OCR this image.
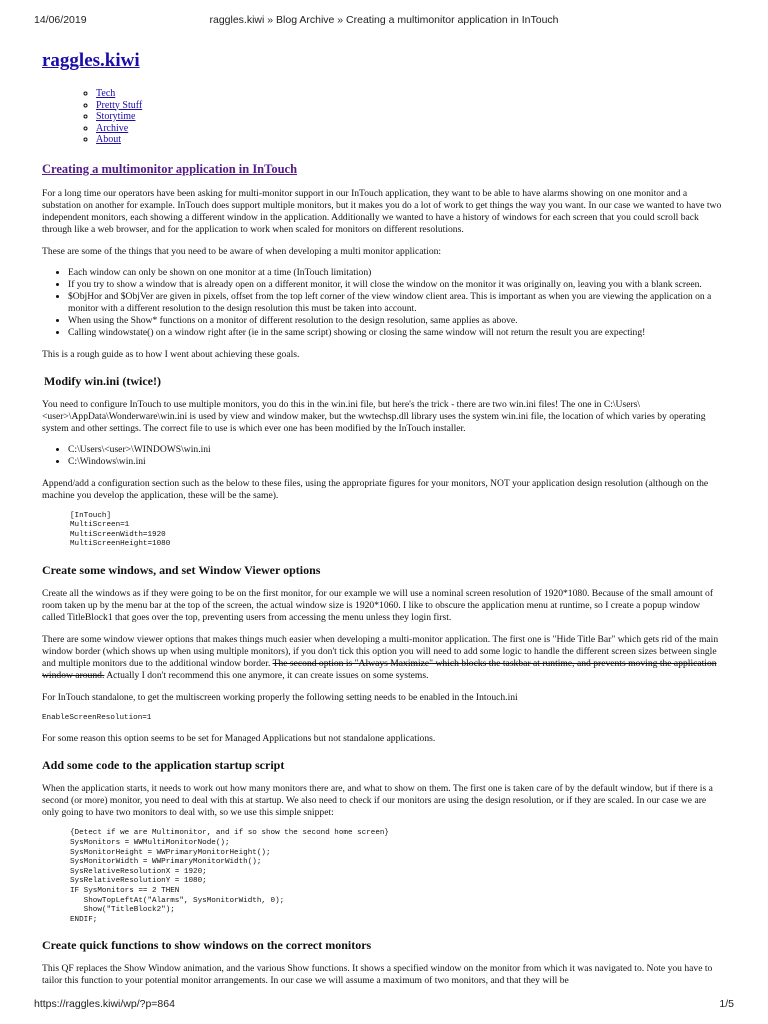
14/06/2019	raggles.kiwi » Blog Archive » Creating a multimonitor application in InTouch
raggles.kiwi
◦ Tech
◦ Pretty Stuff
◦ Storytime
◦ Archive
◦ About
Creating a multimonitor application in InTouch

For a long time our operators have been asking for multi-monitor support in our InTouch application, they want to be able to have alarms showing on one monitor and a substation on another for example. InTouch does support multiple monitors, but it makes you do a lot of work to get things the way you want. In our case we wanted to have two independent monitors, each showing a different window in the application. Additionally we wanted to have a history of windows for each screen that you could scroll back through like a web browser, and for the application to work when scaled for monitors on different resolutions.

These are some of the things that you need to be aware of when developing a multi monitor application:

• Each window can only be shown on one monitor at a time (InTouch limitation)
• If you try to show a window that is already open on a different monitor, it will close the window on the monitor it was originally on, leaving you with a blank screen.
• $ObjHor and $ObjVer are given in pixels, offset from the top left corner of the view window client area. This is important as when you are viewing the application on a monitor with a different resolution to the design resolution this must be taken into account.
• When using the Show* functions on a monitor of different resolution to the design resolution, same applies as above.
• Calling windowstate() on a window right after (ie in the same script) showing or closing the same window will not return the result you are expecting!

This is a rough guide as to how I went about achieving these goals.

Modify win.ini (twice!)

You need to configure InTouch to use multiple monitors, you do this in the win.ini file, but here's the trick - there are two win.ini files! The one in C:\Users\<user>\AppData\Wonderware\win.ini is used by view and window maker, but the wwtechsp.dll library uses the system win.ini file, the location of which varies by operating system and other settings. The correct file to use is which ever one has been modified by the InTouch installer.

• C:\Users\<user>\WINDOWS\win.ini
• C:\Windows\win.ini

Append/add a configuration section such as the below to these files, using the appropriate figures for your monitors, NOT your application design resolution (although on the machine you develop the application, these will be the same).

[InTouch]
MultiScreen=1
MultiScreenWidth=1920
MultiScreenHeight=1080
Create some windows, and set Window Viewer options

Create all the windows as if they were going to be on the first monitor, for our example we will use a nominal screen resolution of 1920*1080. Because of the small amount of room taken up by the menu bar at the top of the screen, the actual window size is 1920*1060. I like to obscure the application menu at runtime, so I create a popup window called TitleBlock1 that goes over the top, preventing users from accessing the menu unless they login first.

There are some window viewer options that makes things much easier when developing a multi-monitor application. The first one is "Hide Title Bar" which gets rid of the main window border (which shows up when using multiple monitors), if you don't tick this option you will need to add some logic to handle the different screen sizes between single and multiple monitors due to the additional window border. The second option is "Always Maximize" which blocks the taskbar at runtime, and prevents moving the application window around. Actually I don't recommend this one anymore, it can create issues on some systems.

For InTouch standalone, to get the multiscreen working properly the following setting needs to be enabled in the Intouch.ini

EnableScreenResolution=1

For some reason this option seems to be set for Managed Applications but not standalone applications.

Add some code to the application startup script

When the application starts, it needs to work out how many monitors there are, and what to show on them. The first one is taken care of by the default window, but if there is a second (or more) monitor, you need to deal with this at startup. We also need to check if our monitors are using the design resolution, or if they are scaled. In our case we are only going to have two monitors to deal with, so we use this simple snippet:

{Detect if we are Multimonitor, and if so show the second home screen}
SysMonitors = WWMultiMonitorNode();
SysMonitorHeight = WWPrimaryMonitorHeight();
SysMonitorWidth = WWPrimaryMonitorWidth();
SysRelativeResolutionX = 1920;
SysRelativeResolutionY = 1080;
IF SysMonitors == 2 THEN
ShowTopLeftAt("Alarms", SysMonitorWidth, 0);
Show("TitleBlock2");
ENDIF;
Create quick functions to show windows on the correct monitors

This QF replaces the Show Window animation, and the various Show functions. It shows a specified window on the monitor from which it was navigated to. Note you have to tailor this function to your potential monitor arrangements. In our case we will assume a maximum of two monitors, and that they will be

https://raggles.kiwi/wp/?p=864	1/5
